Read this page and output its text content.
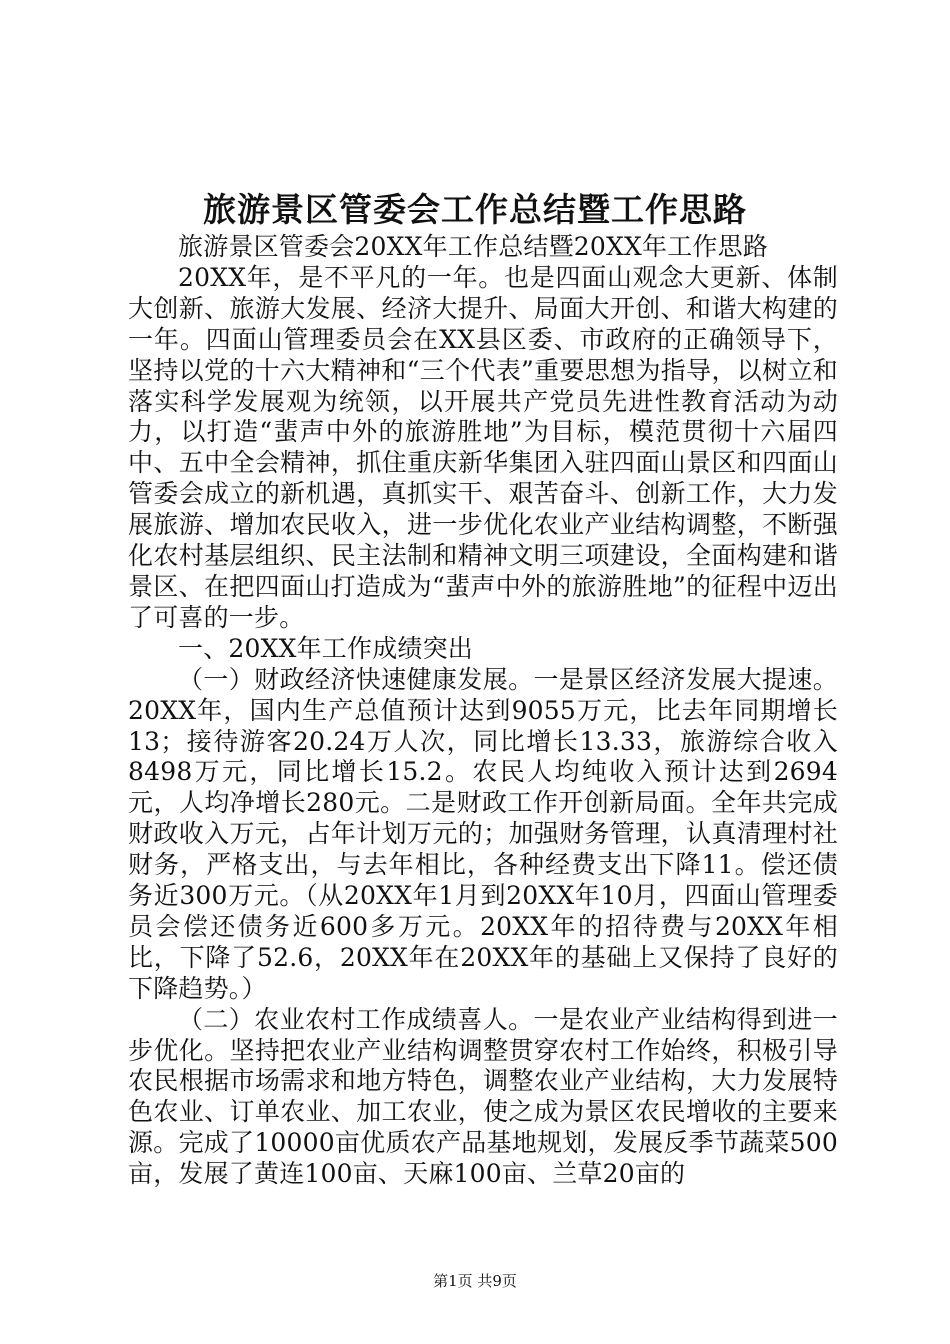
旅游景区管委会工作总结暨工作思路

旅游景区管委会20XX年工作总结暨20XX年工作思路

20XX年，是不平凡的一年。也是四面山观念大更新、体制大创新、旅游大发展、经济大提升、局面大开创、和谐大构建的一年。四面山管理委员会在XX县区委、市政府的正确领导下，坚持以党的十六大精神和“三个代表”重要思想为指导，以树立和落实科学发展观为统领，以开展共产党员先进性教育活动为动力，以打造“蜚声中外的旅游胜地”为目标，模范贯彻十六届四中、五中全会精神，抓住重庆新华集团入驻四面山景区和四面山管委会成立的新机遇，真抓实干、艰苦奋斗、创新工作，大力发展旅游、增加农民收入，进一步优化农业产业结构调整，不断强化农村基层组织、民主法制和精神文明三项建设，全面构建和谐景区、在把四面山打造成为“蜚声中外的旅游胜地”的征程中迈出了可喜的一步。

一、20XX年工作成绩突出

（一）财政经济快速健康发展。一是景区经济发展大提速。20XX年，国内生产总值预计达到9055万元，比去年同期增长13；接待游客20.24万人次，同比增长13.33，旅游综合收入8498万元，同比增长15.2。农民人均纯收入预计达到2694元，人均净增长280元。二是财政工作开创新局面。全年共完成财政收入万元，占年计划万元的；加强财务管理，认真清理村社财务，严格支出，与去年相比，各种经费支出下降11。偿还债务近300万元。（从20XX年1月到20XX年10月，四面山管理委员会偿还债务近600多万元。20XX年的招待费与20XX年相比，下降了52.6，20XX年在20XX年的基础上又保持了良好的下降趋势。）

（二）农业农村工作成绩喜人。一是农业产业结构得到进一步优化。坚持把农业产业结构调整贯穿农村工作始终，积极引导农民根据市场需求和地方特色，调整农业产业结构，大力发展特色农业、订单农业、加工农业，使之成为景区农民增收的主要来源。完成了10000亩优质农产品基地规划，发展反季节蔬菜500亩，发展了黄连100亩、天麻100亩、兰草20亩的

第1页 共9页
